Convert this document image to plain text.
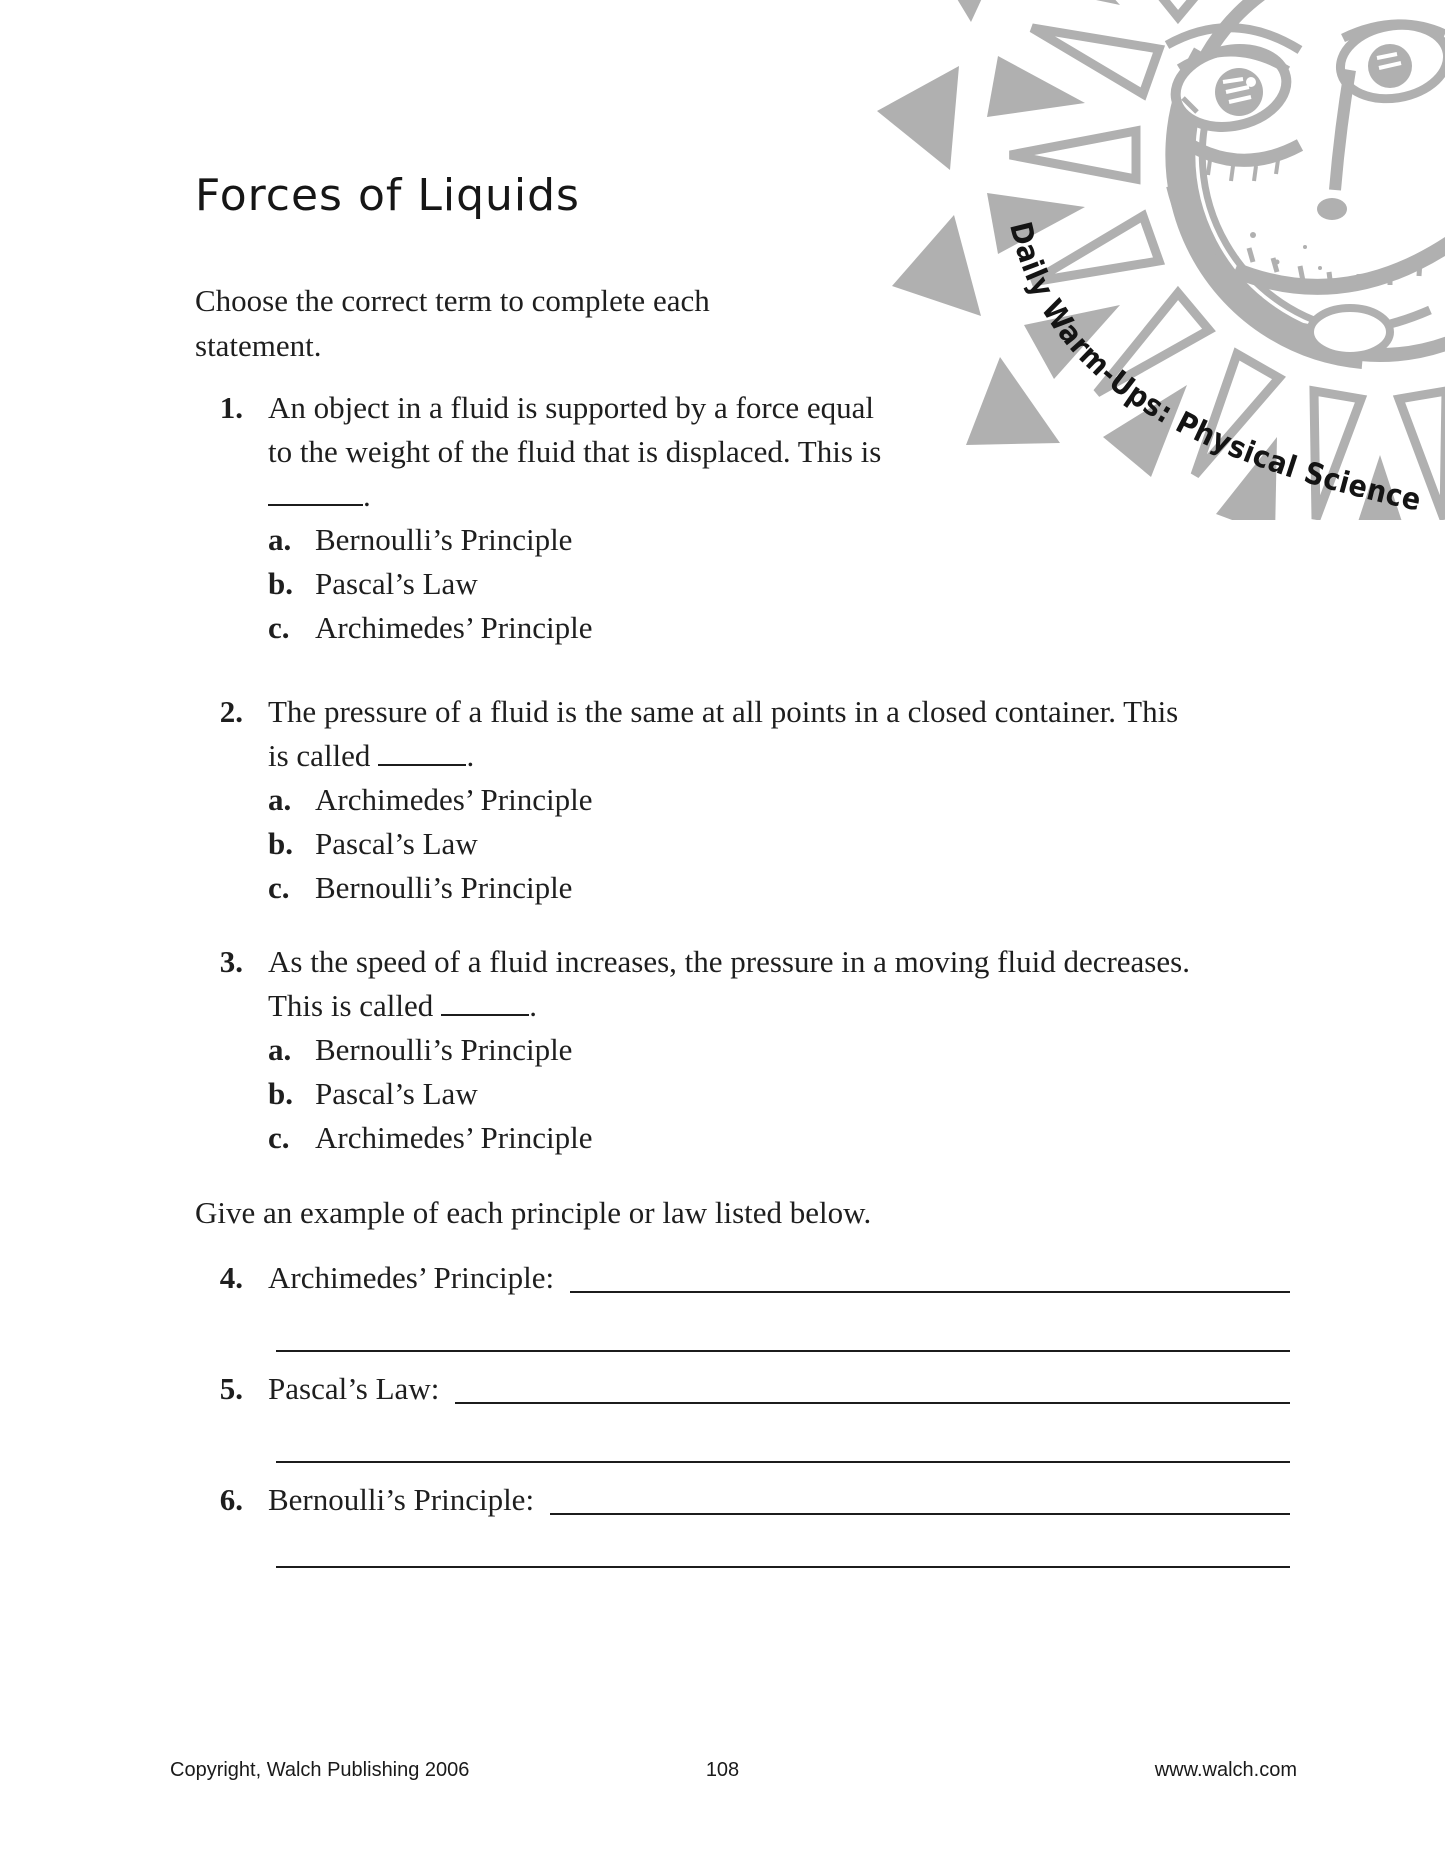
Daily Warm-Ups: Physical Science
Forces of Liquids
Choose the correct term to complete each
statement.
1. An object in a fluid is supported by a force equal
to the weight of the fluid that is displaced. This is
.
a. Bernoulli’s Principle
b. Pascal’s Law
c. Archimedes’ Principle
2. The pressure of a fluid is the same at all points in a closed container. This
is called	.
a. Archimedes’ Principle
b. Pascal’s Law
c. Bernoulli’s Principle
3. As the speed of a fluid increases, the pressure in a moving fluid decreases.
This is called	.
a. Bernoulli’s Principle
b. Pascal’s Law
c. Archimedes’ Principle
Give an example of each principle or law listed below.
4. Archimedes’ Principle:
5. Pascal’s Law:
6. Bernoulli’s Principle:
Copyright, Walch Publishing 2006	108	www.walch.com
